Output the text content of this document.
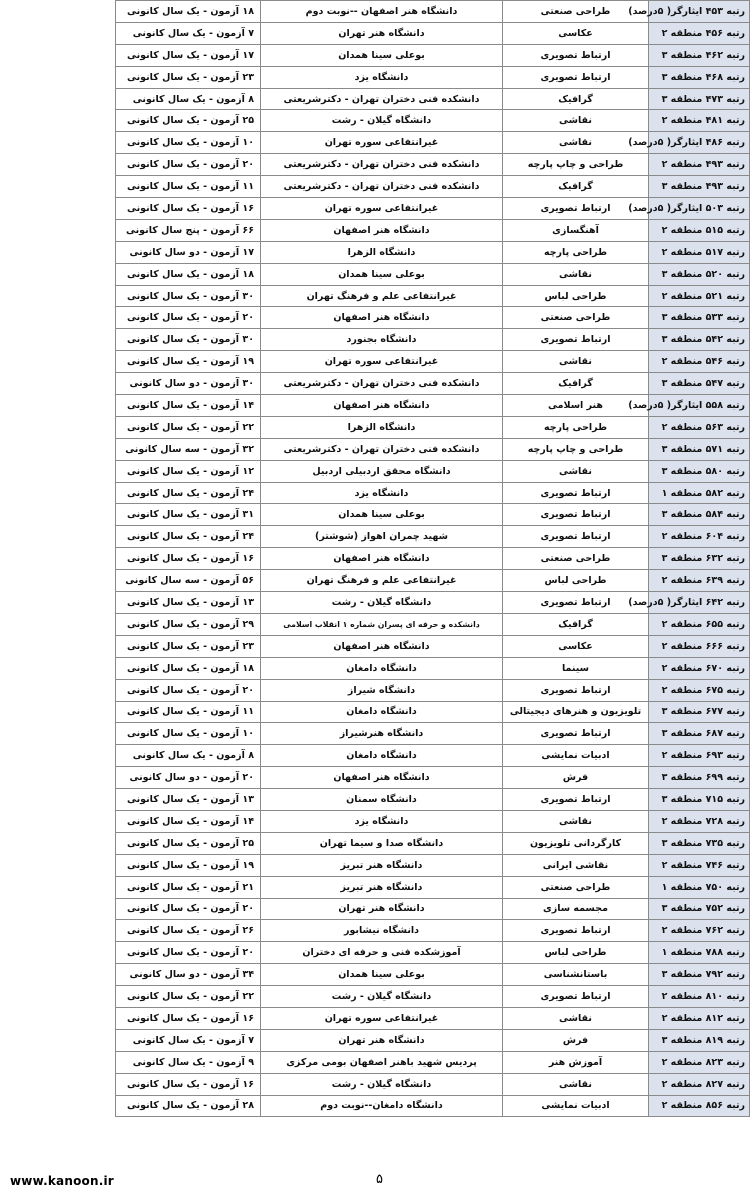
رتبه ۴۵۳ ایثارگر( ۵درصد)	طراحی صنعتی	دانشگاه هنر اصفهان --نوبت دوم	۱۸ آزمون - یک سال کانونی
رتبه ۴۵۶ منطقه ۲	عکاسی	دانشگاه هنر تهران	۷ آزمون - یک سال کانونی
رتبه ۴۶۲ منطقه ۳	ارتباط تصویری	بوعلی سینا همدان	۱۷ آزمون - یک سال کانونی
رتبه ۴۶۸ منطقه ۳	ارتباط تصویری	دانشگاه یزد	۲۳ آزمون - یک سال کانونی
رتبه ۴۷۳ منطقه ۳	گرافیک	دانشکده فنی دختران تهران - دکترشریعتی	۸ آزمون - یک سال کانونی
رتبه ۴۸۱ منطقه ۲	نقاشی	دانشگاه گیلان - رشت	۲۵ آزمون - یک سال کانونی
رتبه ۴۸۶ ایثارگر( ۵درصد)	نقاشی	غیرانتفاعی سوره تهران	۱۰ آزمون - یک سال کانونی
رتبه ۴۹۳ منطقه ۲	طراحی و چاپ پارچه	دانشکده فنی دختران تهران - دکترشریعتی	۲۰ آزمون - یک سال کانونی
رتبه ۴۹۳ منطقه ۳	گرافیک	دانشکده فنی دختران تهران - دکترشریعتی	۱۱ آزمون - یک سال کانونی
رتبه ۵۰۳ ایثارگر( ۵درصد)	ارتباط تصویری	غیرانتفاعی سوره تهران	۱۶ آزمون - یک سال کانونی
رتبه ۵۱۵ منطقه ۲	آهنگسازی	دانشگاه هنر اصفهان	۶۶ آزمون - پنج سال کانونی
رتبه ۵۱۷ منطقه ۲	طراحی پارچه	دانشگاه الزهرا	۱۷ آزمون - دو سال کانونی
رتبه ۵۲۰ منطقه ۳	نقاشی	بوعلی سینا همدان	۱۸ آزمون - یک سال کانونی
رتبه ۵۲۱ منطقه ۲	طراحی لباس	غیرانتفاعی علم و فرهنگ تهران	۳۰ آزمون - یک سال کانونی
رتبه ۵۳۳ منطقه ۳	طراحی صنعتی	دانشگاه هنر اصفهان	۲۰ آزمون - یک سال کانونی
رتبه ۵۴۲ منطقه ۳	ارتباط تصویری	دانشگاه بجنورد	۳۰ آزمون - یک سال کانونی
رتبه ۵۴۶ منطقه ۲	نقاشی	غیرانتفاعی سوره تهران	۱۹ آزمون - یک سال کانونی
رتبه ۵۴۷ منطقه ۳	گرافیک	دانشکده فنی دختران تهران - دکترشریعتی	۳۰ آزمون - دو سال کانونی
رتبه ۵۵۸ ایثارگر( ۵درصد)	هنر اسلامی	دانشگاه هنر اصفهان	۱۴ آزمون - یک سال کانونی
رتبه ۵۶۳ منطقه ۲	طراحی پارچه	دانشگاه الزهرا	۲۲ آزمون - یک سال کانونی
رتبه ۵۷۱ منطقه ۳	طراحی و چاپ پارچه	دانشکده فنی دختران تهران - دکترشریعتی	۳۲ آزمون - سه سال کانونی
رتبه ۵۸۰ منطقه ۳	نقاشی	دانشگاه محقق اردبیلی اردبیل	۱۲ آزمون - یک سال کانونی
رتبه ۵۸۲ منطقه ۱	ارتباط تصویری	دانشگاه یزد	۲۴ آزمون - یک سال کانونی
رتبه ۵۸۴ منطقه ۳	ارتباط تصویری	بوعلی سینا همدان	۳۱ آزمون - یک سال کانونی
رتبه ۶۰۴ منطقه ۲	ارتباط تصویری	شهید چمران اهواز (شوشتر)	۲۴ آزمون - یک سال کانونی
رتبه ۶۳۲ منطقه ۳	طراحی صنعتی	دانشگاه هنر اصفهان	۱۶ آزمون - یک سال کانونی
رتبه ۶۳۹ منطقه ۲	طراحی لباس	غیرانتفاعی علم و فرهنگ تهران	۵۶ آزمون - سه سال کانونی
رتبه ۶۴۲ ایثارگر( ۵درصد)	ارتباط تصویری	دانشگاه گیلان - رشت	۱۳ آزمون - یک سال کانونی
رتبه ۶۵۵ منطقه ۲	گرافیک	دانشکده و حرفه ای پسران شماره ۱ انقلاب اسلامی	۲۹ آزمون - یک سال کانونی
رتبه ۶۶۶ منطقه ۲	عکاسی	دانشگاه هنر اصفهان	۲۳ آزمون - یک سال کانونی
رتبه ۶۷۰ منطقه ۲	سینما	دانشگاه دامغان	۱۸ آزمون - یک سال کانونی
رتبه ۶۷۵ منطقه ۲	ارتباط تصویری	دانشگاه شیراز	۲۰ آزمون - یک سال کانونی
رتبه ۶۷۷ منطقه ۳	تلویزیون و هنرهای دیجیتالی	دانشگاه دامغان	۱۱ آزمون - یک سال کانونی
رتبه ۶۸۷ منطقه ۳	ارتباط تصویری	دانشگاه هنرشیراز	۱۰ آزمون - یک سال کانونی
رتبه ۶۹۳ منطقه ۲	ادبیات نمایشی	دانشگاه دامغان	۸ آزمون - یک سال کانونی
رتبه ۶۹۹ منطقه ۳	فرش	دانشگاه هنر اصفهان	۲۰ آزمون - دو سال کانونی
رتبه ۷۱۵ منطقه ۳	ارتباط تصویری	دانشگاه سمنان	۱۳ آزمون - یک سال کانونی
رتبه ۷۲۸ منطقه ۲	نقاشی	دانشگاه یزد	۱۴ آزمون - یک سال کانونی
رتبه ۷۳۵ منطقه ۳	کارگردانی تلویزیون	دانشگاه صدا و سیما تهران	۲۵ آزمون - یک سال کانونی
رتبه ۷۴۶ منطقه ۲	نقاشی ایرانی	دانشگاه هنر تبریز	۱۹ آزمون - یک سال کانونی
رتبه ۷۵۰ منطقه ۱	طراحی صنعتی	دانشگاه هنر تبریز	۲۱ آزمون - یک سال کانونی
رتبه ۷۵۲ منطقه ۳	مجسمه سازی	دانشگاه هنر تهران	۲۰ آزمون - یک سال کانونی
رتبه ۷۶۲ منطقه ۲	ارتباط تصویری	دانشگاه نیشابور	۲۶ آزمون - یک سال کانونی
رتبه ۷۸۸ منطقه ۱	طراحی لباس	آموزشکده فنی و حرفه ای دختران	۲۰ آزمون - یک سال کانونی
رتبه ۷۹۲ منطقه ۳	باستانشناسی	بوعلی سینا همدان	۳۴ آزمون - دو سال کانونی
رتبه ۸۱۰ منطقه ۲	ارتباط تصویری	دانشگاه گیلان - رشت	۲۲ آزمون - یک سال کانونی
رتبه ۸۱۲ منطقه ۲	نقاشی	غیرانتفاعی سوره تهران	۱۶ آزمون - یک سال کانونی
رتبه ۸۱۹ منطقه ۳	فرش	دانشگاه هنر تهران	۷ آزمون - یک سال کانونی
رتبه ۸۲۳ منطقه ۲	آموزش هنر	پردیس شهید باهنر اصفهان بومی مرکزی	۹ آزمون - یک سال کانونی
رتبه ۸۲۷ منطقه ۲	نقاشی	دانشگاه گیلان - رشت	۱۶ آزمون - یک سال کانونی
رتبه ۸۵۶ منطقه ۲	ادبیات نمایشی	دانشگاه دامغان--نوبت دوم	۲۸ آزمون - یک سال کانونی
www.kanoon.ir	۵
